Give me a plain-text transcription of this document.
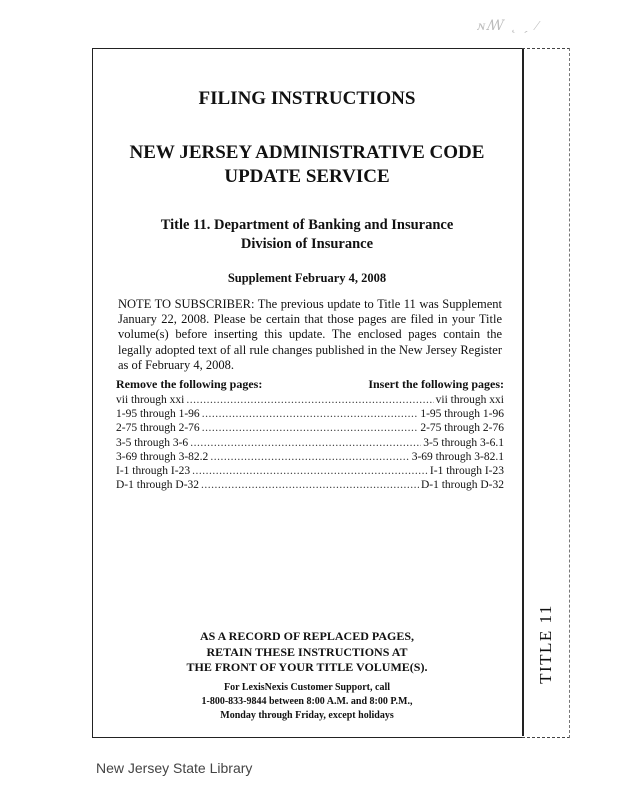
ɴꟿ ˛ ˏ ⁄
TITLE 11
FILING INSTRUCTIONS
NEW JERSEY ADMINISTRATIVE CODE
UPDATE SERVICE
Title 11. Department of Banking and Insurance
Division of Insurance
Supplement February 4, 2008
NOTE TO SUBSCRIBER: The previous update to Title 11 was Supplement January 22, 2008. Please be certain that those pages are filed in your Title volume(s) before inserting this update. The enclosed pages contain the legally adopted text of all rule changes published in the New Jersey Register as of February 4, 2008.
Remove the following pages:	Insert the following pages:
vii through xxi .....	vii through xxi
1-95 through 1-96 .....	1-95 through 1-96
2-75 through 2-76 .....	2-75 through 2-76
3-5 through 3-6 .....	3-5 through 3-6.1
3-69 through 3-82.2 .....	3-69 through 3-82.1
I-1 through I-23 .....	I-1 through I-23
D-1 through D-32 .....	D-1 through D-32
AS A RECORD OF REPLACED PAGES,
RETAIN THESE INSTRUCTIONS AT
THE FRONT OF YOUR TITLE VOLUME(S).
For LexisNexis Customer Support, call
1-800-833-9844 between 8:00 A.M. and 8:00 P.M.,
Monday through Friday, except holidays
New Jersey State Library
